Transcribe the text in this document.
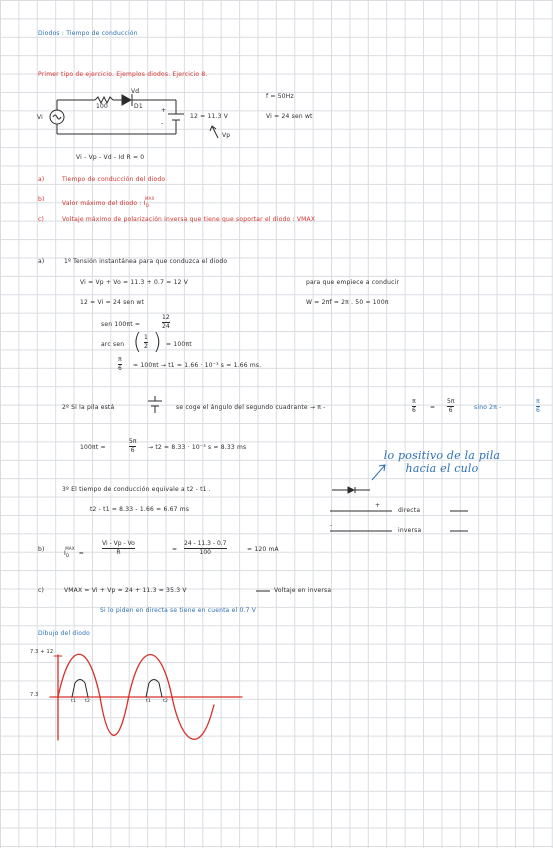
Diodos : Tiempo de conducción
Primer tipo de ejercicio. Ejemplos diodos. Ejercicio 8.
Vd
100	D1
Vi
+
-
12 = 11.3 V
Vp
f = 50Hz
Vi = 24 sen wt
Vi - Vp - Vd - Id R = 0
a)	Tiempo de conducción del diodo
b)
Valor máximo del diodo : $I_D^{MAX}$
c)	Voltaje máximo de polarización inversa que tiene que soportar el diodo : VMAX
a)	1º Tensión instantánea para que conduzca el diodo
Vi = Vp + Vo = 11.3 + 0.7 = 12 V	para que empiece a conducir
12 = Vi = 24 sen wt	W = 2πf = 2π . 50 = 100π
sen 100πt =
12
24
arc sen ( 1
2 ) = 100πt
π
6 = 100πt → t1 = 1.66 · 10⁻³ s = 1.66 ms.
2º Si la pila está	se coge el ángulo del segundo cuadrante → π -
π
6 =
5π
6	sino 2π -
π
6
100πt =
5π
6 → t2 = 8.33 · 10⁻³ s = 8.33 ms
lo positivo de la pila hacia el culo
3º El tiempo de conducción equivale a t2 - t1 .
t2 - t1 = 8.33 - 1.66 = 6.67 ms
+
directa
-
inversa
b)
$I_D^{MAX}=$
Vi - Vp - Vo
R	=
24 - 11.3 - 0.7
100	= 120 mA
c)	VMAX = Vi + Vp = 24 + 11.3 = 35.3 V	Voltaje en inversa
Si lo piden en directa se tiene en cuenta el 0.7 V
Dibujo del diodo
7.3 + 12
7.3
t1 t2	t1	t2
